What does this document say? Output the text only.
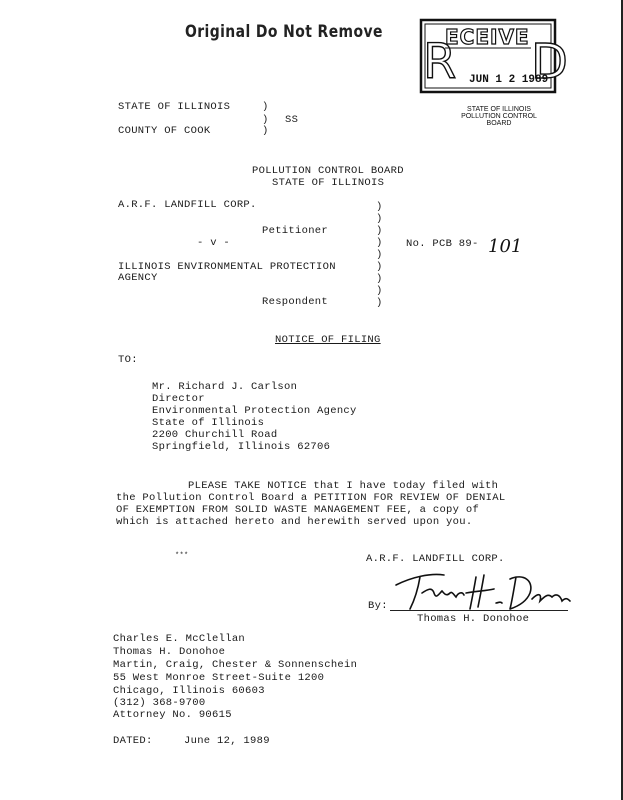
Original Do Not Remove	ECEIVE
R D
JUN 1 2 1989
STATE OF ILLINOIS
POLLUTION CONTROL BOARD
STATE OF ILLINOIS	)
) SS
COUNTY OF COOK	)
POLLUTION CONTROL BOARD
STATE OF ILLINOIS
A.R.F. LANDFILL CORP.	)
)
Petitioner	)
- v -	) No. PCB 89- 101
)
ILLINOIS ENVIRONMENTAL PROTECTION	)
AGENCY	)
)
Respondent	)
NOTICE OF FILING
TO:
Mr. Richard J. Carlson
Director
Environmental Protection Agency
State of Illinois
2200 Churchill Road
Springfield, Illinois 62706
PLEASE TAKE NOTICE that I have today filed with
the Pollution Control Board a PETITION FOR REVIEW OF DENIAL
OF EXEMPTION FROM SOLID WASTE MANAGEMENT FEE, a copy of
which is attached hereto and herewith served upon you.
***	A.R.F. LANDFILL CORP.
By:
Thomas H. Donohoe
Charles E. McClellan
Thomas H. Donohoe
Martin, Craig, Chester & Sonnenschein
55 West Monroe Street-Suite 1200
Chicago, Illinois 60603
(312) 368-9700
Attorney No. 90615
DATED:	June 12, 1989
